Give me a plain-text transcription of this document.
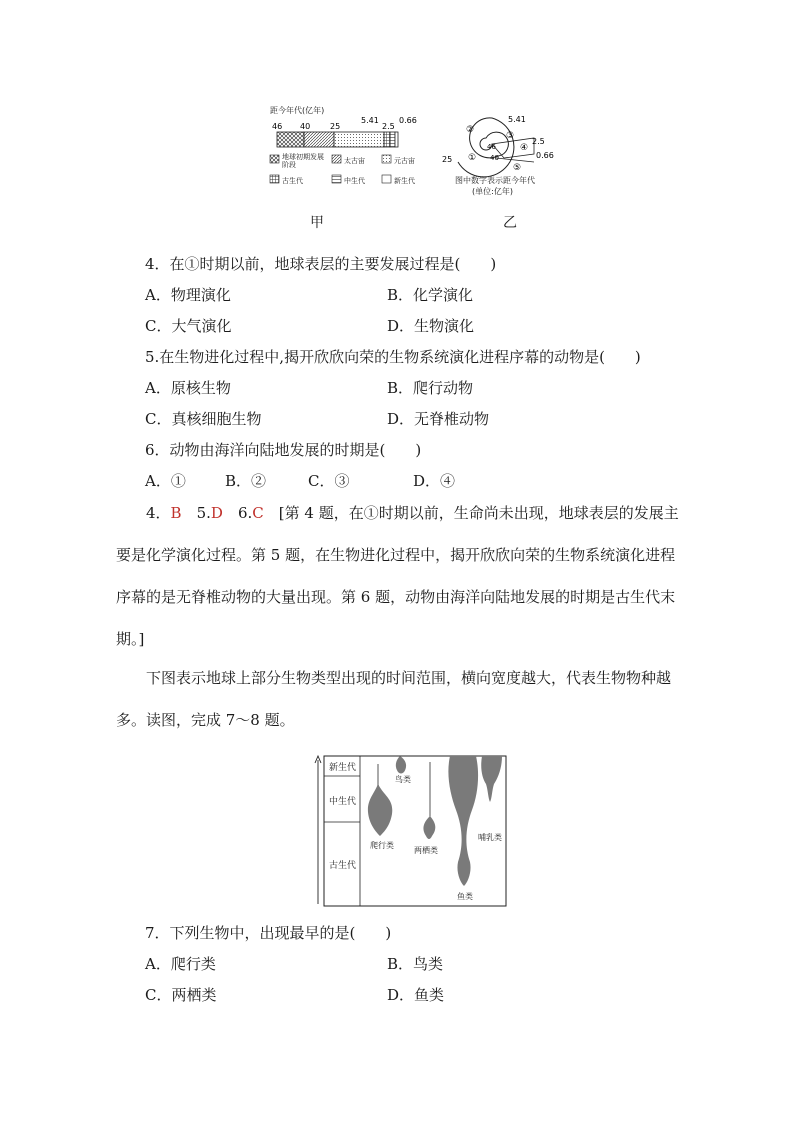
距今年代(亿年)
46 40 25
5.41
2.5
0.66
地球初期发展阶段	太古宙	元古宙
古生代	中生代	新生代
甲
5.41
46
40
2.5
0.66
25 ①
②
③
④
⑤
图中数字表示距今年代
(单位:亿年)
乙
4．在①时期以前，地球表层的主要发展过程是(　　)
A．物理演化	B．化学演化
C．大气演化	D．生物演化
5.在生物进化过程中,揭开欣欣向荣的生物系统演化进程序幕的动物是(　　)
A．原核生物	B．爬行动物
C．真核细胞生物	D．无脊椎动物
6．动物由海洋向陆地发展的时期是(　　)
A．①	B．②	C．③	D．④
4．B　 5.D　 6.C　 [第 4 题，在①时期以前，生命尚未出现，地球表层的发展主要是化学演化过程。第 5 题，在生物进化过程中，揭开欣欣向荣的生物系统演化进程序幕的是无脊椎动物的大量出现。第 6 题，动物由海洋向陆地发展的时期是古生代末期。]
下图表示地球上部分生物类型出现的时间范围，横向宽度越大，代表生物物种越多。读图，完成 7～8 题。
新生代
中生代
古生代
鸟类
哺乳类
爬行类
两栖类
鱼类
7．下列生物中，出现最早的是(　　)
A．爬行类	B．鸟类
C．两栖类	D．鱼类
